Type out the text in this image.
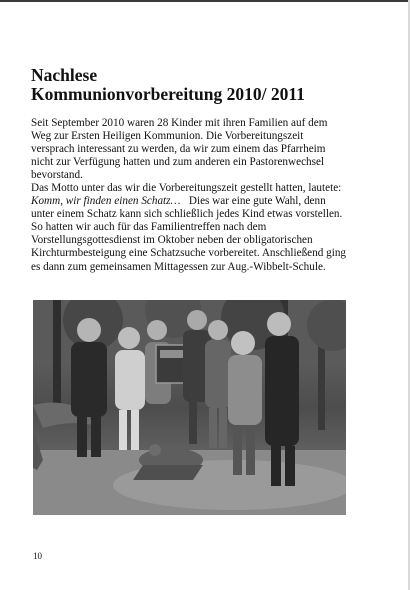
Nachlese
Kommunionvorbereitung 2010/ 2011

Seit September 2010 waren 28 Kinder mit ihren Familien auf dem
Weg zur Ersten Heiligen Kommunion. Die Vorbereitungszeit
versprach interessant zu werden, da wir zum einem das Pfarrheim
nicht zur Verfügung hatten und zum anderen ein Pastorenwechsel
bevorstand.

Das Motto unter das wir die Vorbereitungszeit gestellt hatten, lautete:
Komm, wir finden einen Schatz…   Dies war eine gute Wahl, denn
unter einem Schatz kann sich schließlich jedes Kind etwas vorstellen.
So hatten wir auch für das Familientreffen nach dem
Vorstellungsgottesdienst im Oktober neben der obligatorischen
Kirchturmbesteigung eine Schatzsuche vorbereitet. Anschließend ging
es dann zum gemeinsamen Mittagessen zur Aug.-Wibbelt-Schule.

10
